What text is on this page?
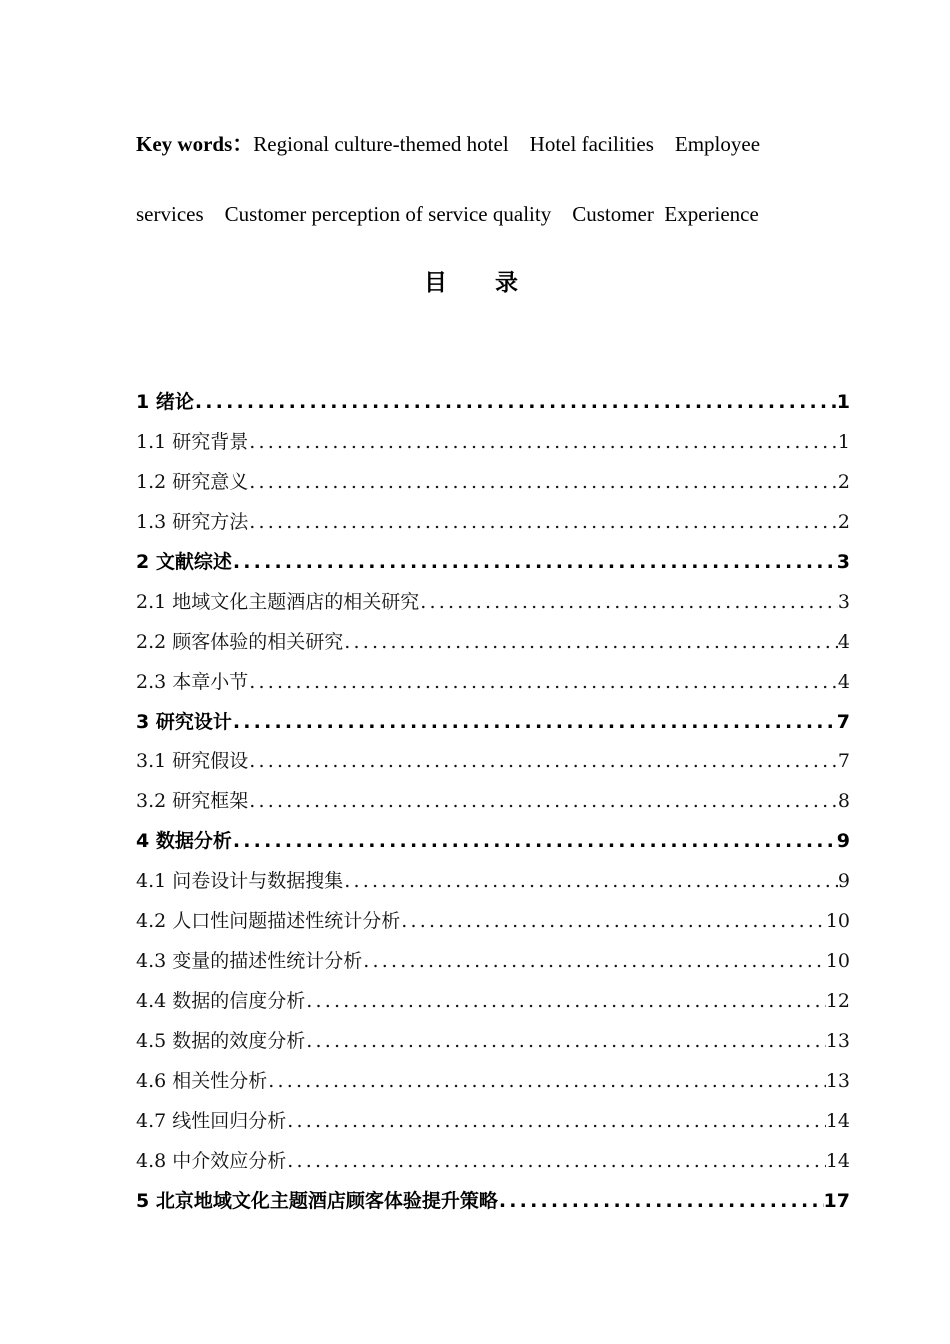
Key words：Regional culture-themed hotel    Hotel facilities    Employee
services    Customer perception of service quality    Customer  Experience
目录
1 绪论 .....	1
1.1 研究背景 .....	1
1.2 研究意义 .....	2
1.3 研究方法 .....	2
2 文献综述 .....	3
2.1 地域文化主题酒店的相关研究 .....	3
2.2 顾客体验的相关研究 .....	4
2.3 本章小节 .....	4
3 研究设计 .....	7
3.1 研究假设 .....	7
3.2 研究框架 .....	8
4 数据分析 .....	9
4.1 问卷设计与数据搜集 .....	9
4.2 人口性问题描述性统计分析 .....	10
4.3 变量的描述性统计分析 .....	10
4.4 数据的信度分析 .....	12
4.5 数据的效度分析 .....	13
4.6 相关性分析 .....	13
4.7 线性回归分析 .....	14
4.8 中介效应分析 .....	14
5 北京地域文化主题酒店顾客体验提升策略 .....	17
